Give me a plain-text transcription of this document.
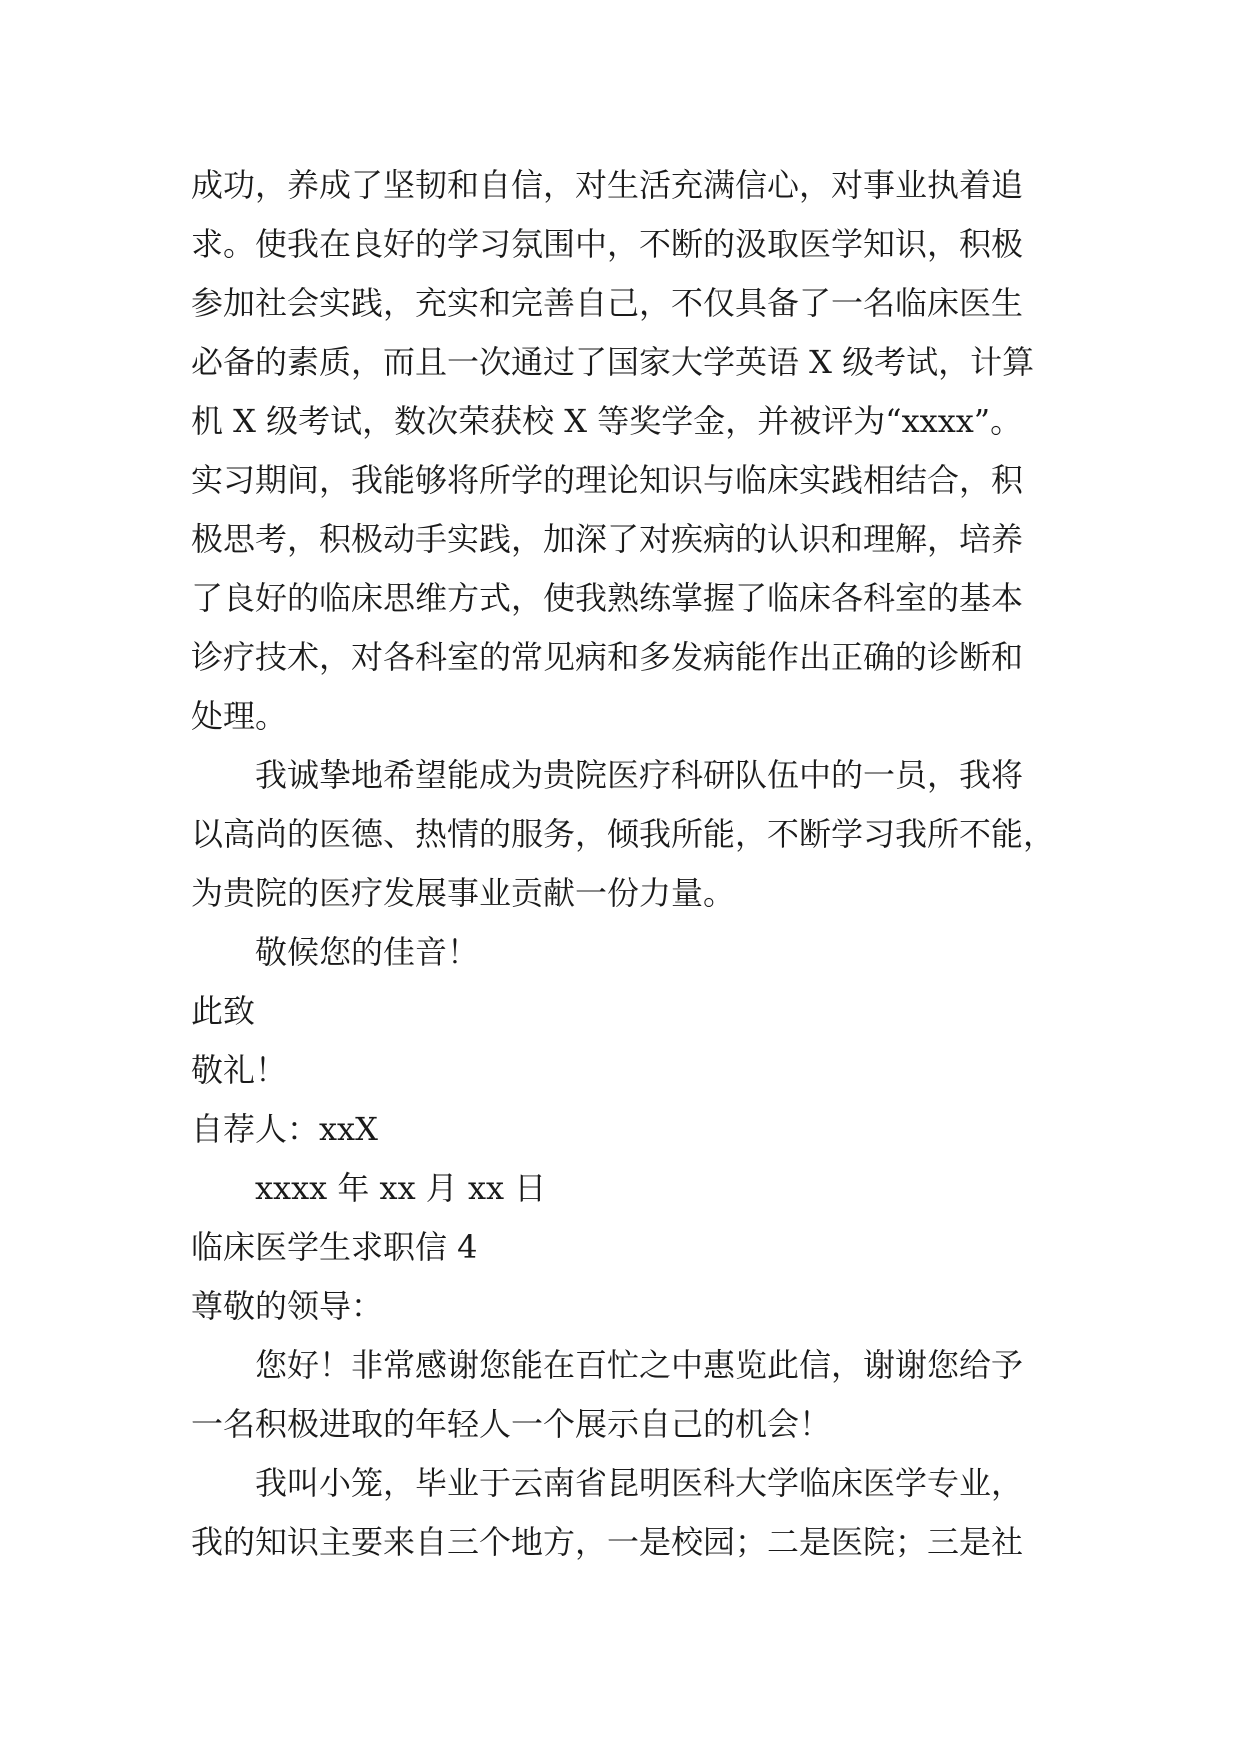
成功，养成了坚韧和自信，对生活充满信心，对事业执着追
求。使我在良好的学习氛围中，不断的汲取医学知识，积极
参加社会实践，充实和完善自己，不仅具备了一名临床医生
必备的素质，而且一次通过了国家大学英语 X 级考试，计算
机 X 级考试，数次荣获校 X 等奖学金，并被评为“xxxx”。
实习期间，我能够将所学的理论知识与临床实践相结合，积
极思考，积极动手实践，加深了对疾病的认识和理解，培养
了良好的临床思维方式，使我熟练掌握了临床各科室的基本
诊疗技术，对各科室的常见病和多发病能作出正确的诊断和
处理。
我诚挚地希望能成为贵院医疗科研队伍中的一员，我将
以高尚的医德、热情的服务，倾我所能，不断学习我所不能，
为贵院的医疗发展事业贡献一份力量。
敬候您的佳音！
此致
敬礼！
自荐人：xxX
xxxx 年 xx 月 xx 日
临床医学生求职信 4
尊敬的领导：
您好！非常感谢您能在百忙之中惠览此信，谢谢您给予
一名积极进取的年轻人一个展示自己的机会！
我叫小笼，毕业于云南省昆明医科大学临床医学专业，
我的知识主要来自三个地方，一是校园；二是医院；三是社
